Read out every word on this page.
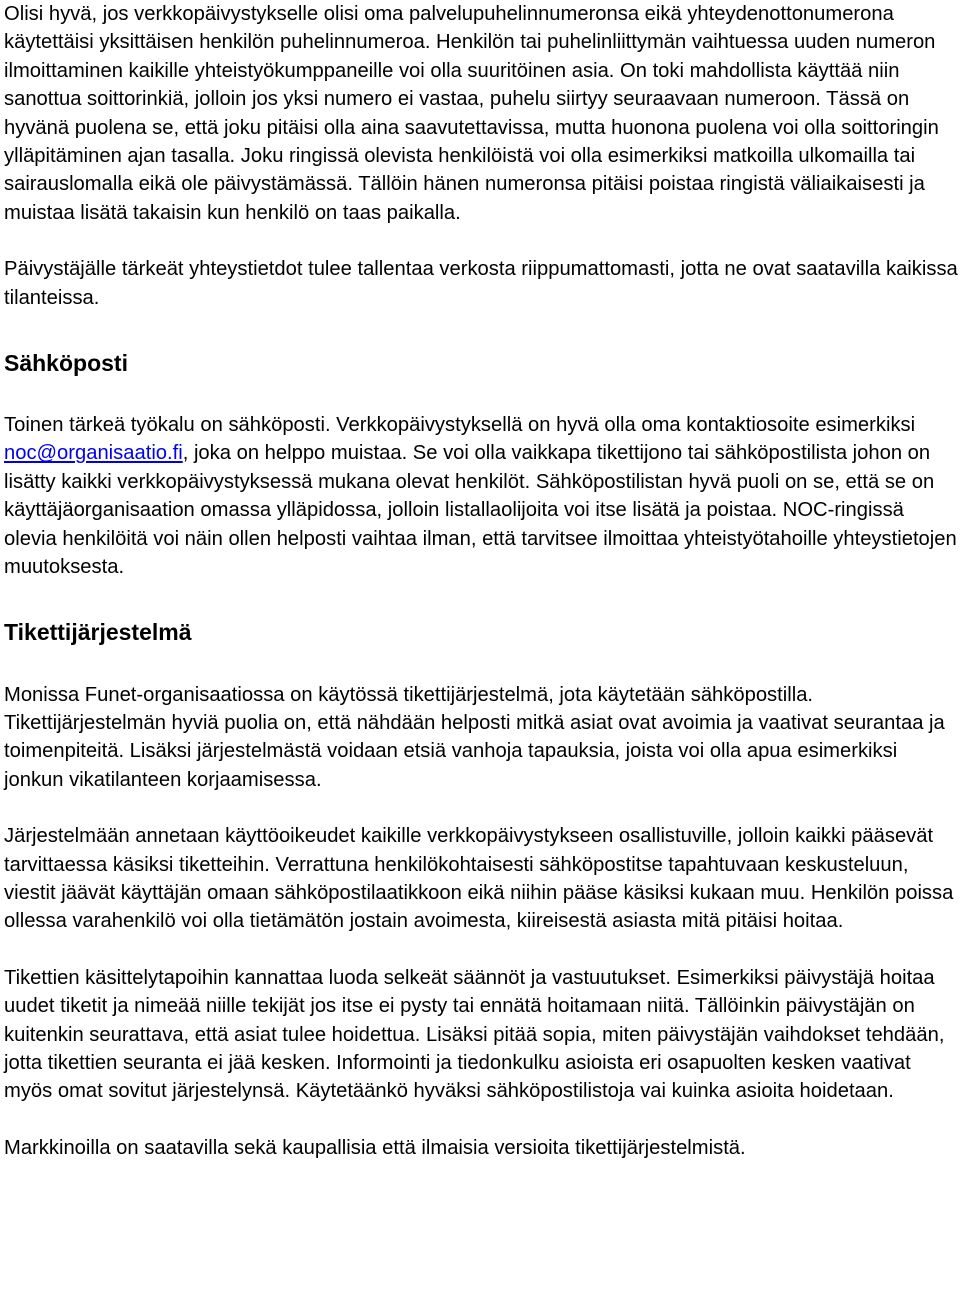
Olisi hyvä, jos verkkopäivystykselle olisi oma palvelupuhelinnumeronsa eikä yhteydenottonumerona käytettäisi yksittäisen henkilön puhelinnumeroa. Henkilön tai puhelinliittymän vaihtuessa uuden numeron ilmoittaminen kaikille yhteistyökumppaneille voi olla suuritöinen asia. On toki mahdollista käyttää niin sanottua soittorinkiä, jolloin jos yksi numero ei vastaa, puhelu siirtyy seuraavaan numeroon. Tässä on hyvänä puolena se, että joku pitäisi olla aina saavutettavissa, mutta huonona puolena voi olla soittoringin ylläpitäminen ajan tasalla. Joku ringissä olevista henkilöistä voi olla esimerkiksi matkoilla ulkomailla tai sairauslomalla eikä ole päivystämässä. Tällöin hänen numeronsa pitäisi poistaa ringistä väliaikaisesti ja muistaa lisätä takaisin kun henkilö on taas paikalla.

Päivystäjälle tärkeät yhteystietdot tulee tallentaa verkosta riippumattomasti, jotta ne ovat saatavilla kaikissa tilanteissa.

Sähköposti

Toinen tärkeä työkalu on sähköposti. Verkkopäivystyksellä on hyvä olla oma kontaktiosoite esimerkiksi noc@organisaatio.fi, joka on helppo muistaa. Se voi olla vaikkapa tikettijono tai sähköpostilista johon on lisätty kaikki verkkopäivystyksessä mukana olevat henkilöt. Sähköpostilistan hyvä puoli on se, että se on käyttäjäorganisaation omassa ylläpidossa, jolloin listallaolijoita voi itse lisätä ja poistaa. NOC-ringissä olevia henkilöitä voi näin ollen helposti vaihtaa ilman, että tarvitsee ilmoittaa yhteistyötahoille yhteystietojen muutoksesta.

Tikettijärjestelmä

Monissa Funet-organisaatiossa on käytössä tikettijärjestelmä, jota käytetään sähköpostilla. Tikettijärjestelmän hyviä puolia on, että nähdään helposti mitkä asiat ovat avoimia ja vaativat seurantaa ja toimenpiteitä. Lisäksi järjestelmästä voidaan etsiä vanhoja tapauksia, joista voi olla apua esimerkiksi jonkun vikatilanteen korjaamisessa.

Järjestelmään annetaan käyttöoikeudet kaikille verkkopäivystykseen osallistuville, jolloin kaikki pääsevät tarvittaessa käsiksi tiketteihin. Verrattuna henkilökohtaisesti sähköpostitse tapahtuvaan keskusteluun, viestit jäävät käyttäjän omaan sähköpostilaatikkoon eikä niihin pääse käsiksi kukaan muu. Henkilön poissa ollessa varahenkilö voi olla tietämätön jostain avoimesta, kiireisestä asiasta mitä pitäisi hoitaa.

Tikettien käsittelytapoihin kannattaa luoda selkeät säännöt ja vastuutukset. Esimerkiksi päivystäjä hoitaa uudet tiketit ja nimeää niille tekijät jos itse ei pysty tai ennätä hoitamaan niitä. Tällöinkin päivystäjän on kuitenkin seurattava, että asiat tulee hoidettua. Lisäksi pitää sopia, miten päivystäjän vaihdokset tehdään, jotta tikettien seuranta ei jää kesken. Informointi ja tiedonkulku asioista eri osapuolten kesken vaativat myös omat sovitut järjestelynsä. Käytetäänkö hyväksi sähköpostilistoja vai kuinka asioita hoidetaan.

Markkinoilla on saatavilla sekä kaupallisia että ilmaisia versioita tikettijärjestelmistä.
